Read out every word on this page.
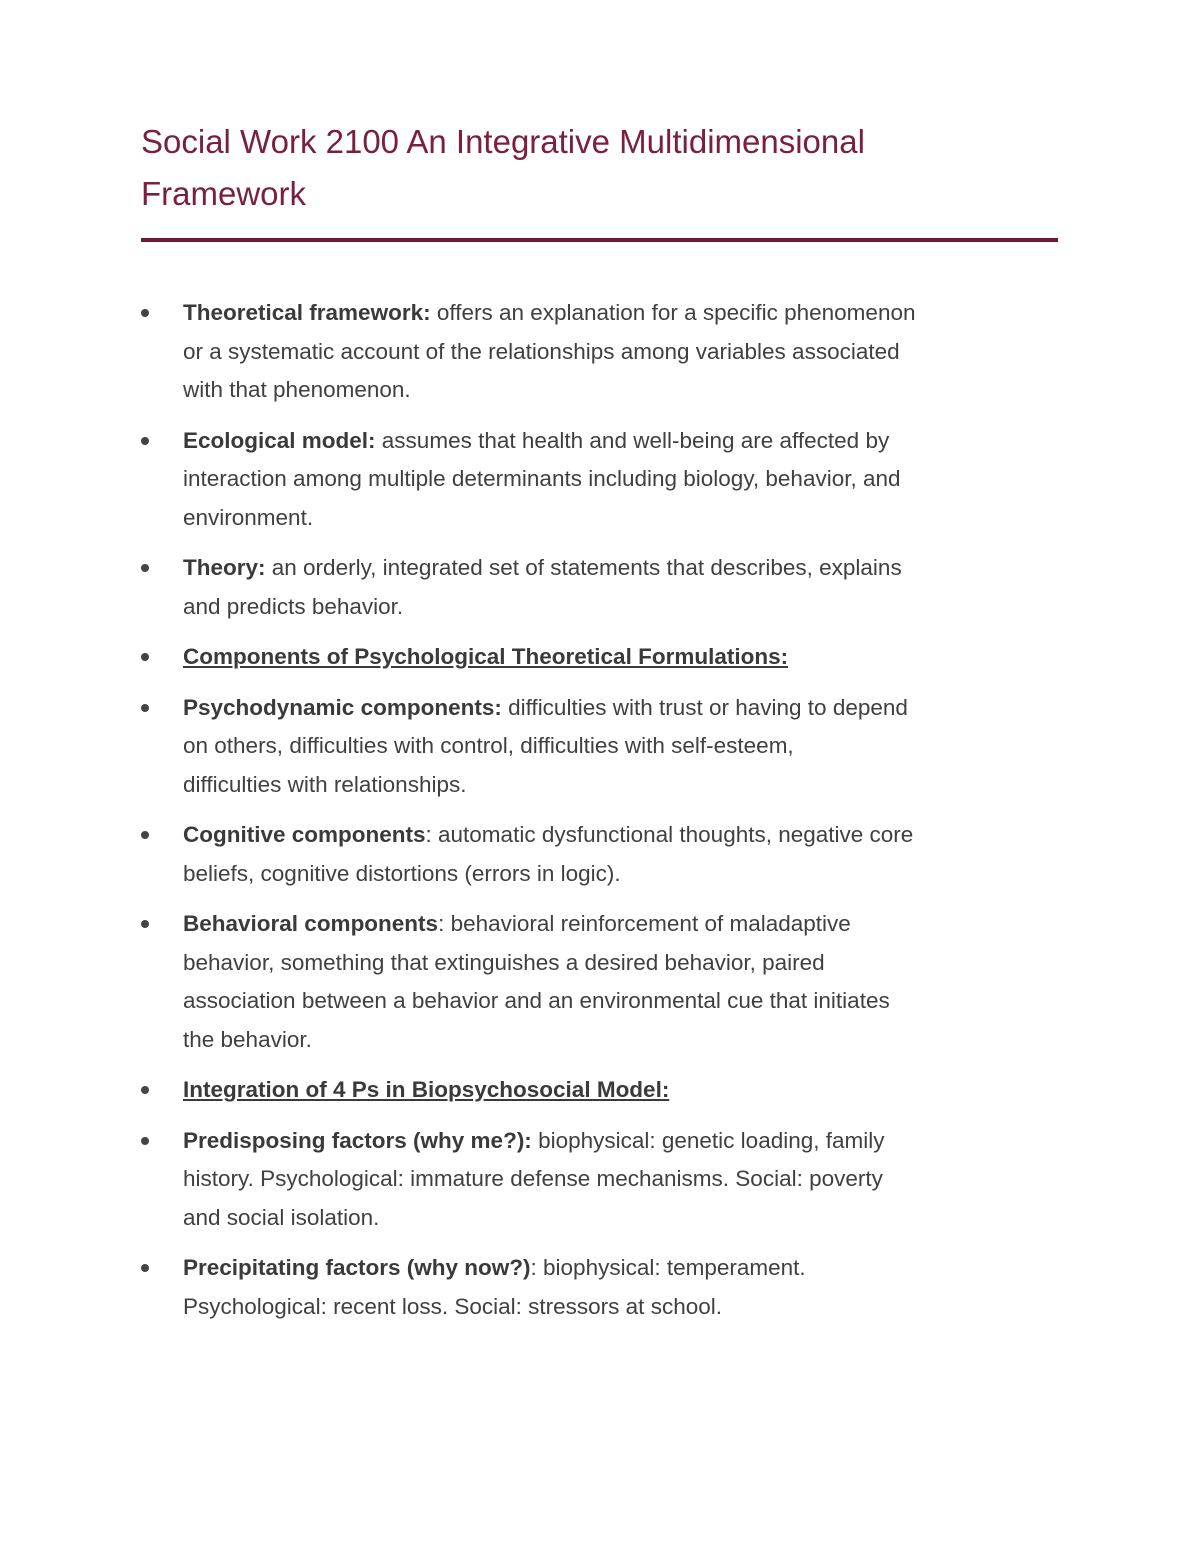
Social Work 2100 An Integrative Multidimensional
Framework
Theoretical framework: offers an explanation for a specific phenomenon
or a systematic account of the relationships among variables associated
with that phenomenon.
Ecological model: assumes that health and well-being are affected by
interaction among multiple determinants including biology, behavior, and
environment.
Theory: an orderly, integrated set of statements that describes, explains
and predicts behavior.
Components of Psychological Theoretical Formulations:
Psychodynamic components: difficulties with trust or having to depend
on others, difficulties with control, difficulties with self-esteem,
difficulties with relationships.
Cognitive components: automatic dysfunctional thoughts, negative core
beliefs, cognitive distortions (errors in logic).
Behavioral components: behavioral reinforcement of maladaptive
behavior, something that extinguishes a desired behavior, paired
association between a behavior and an environmental cue that initiates
the behavior.
Integration of 4 Ps in Biopsychosocial Model:
Predisposing factors (why me?): biophysical: genetic loading, family
history. Psychological: immature defense mechanisms. Social: poverty
and social isolation.
Precipitating factors (why now?): biophysical: temperament.
Psychological: recent loss. Social: stressors at school.
